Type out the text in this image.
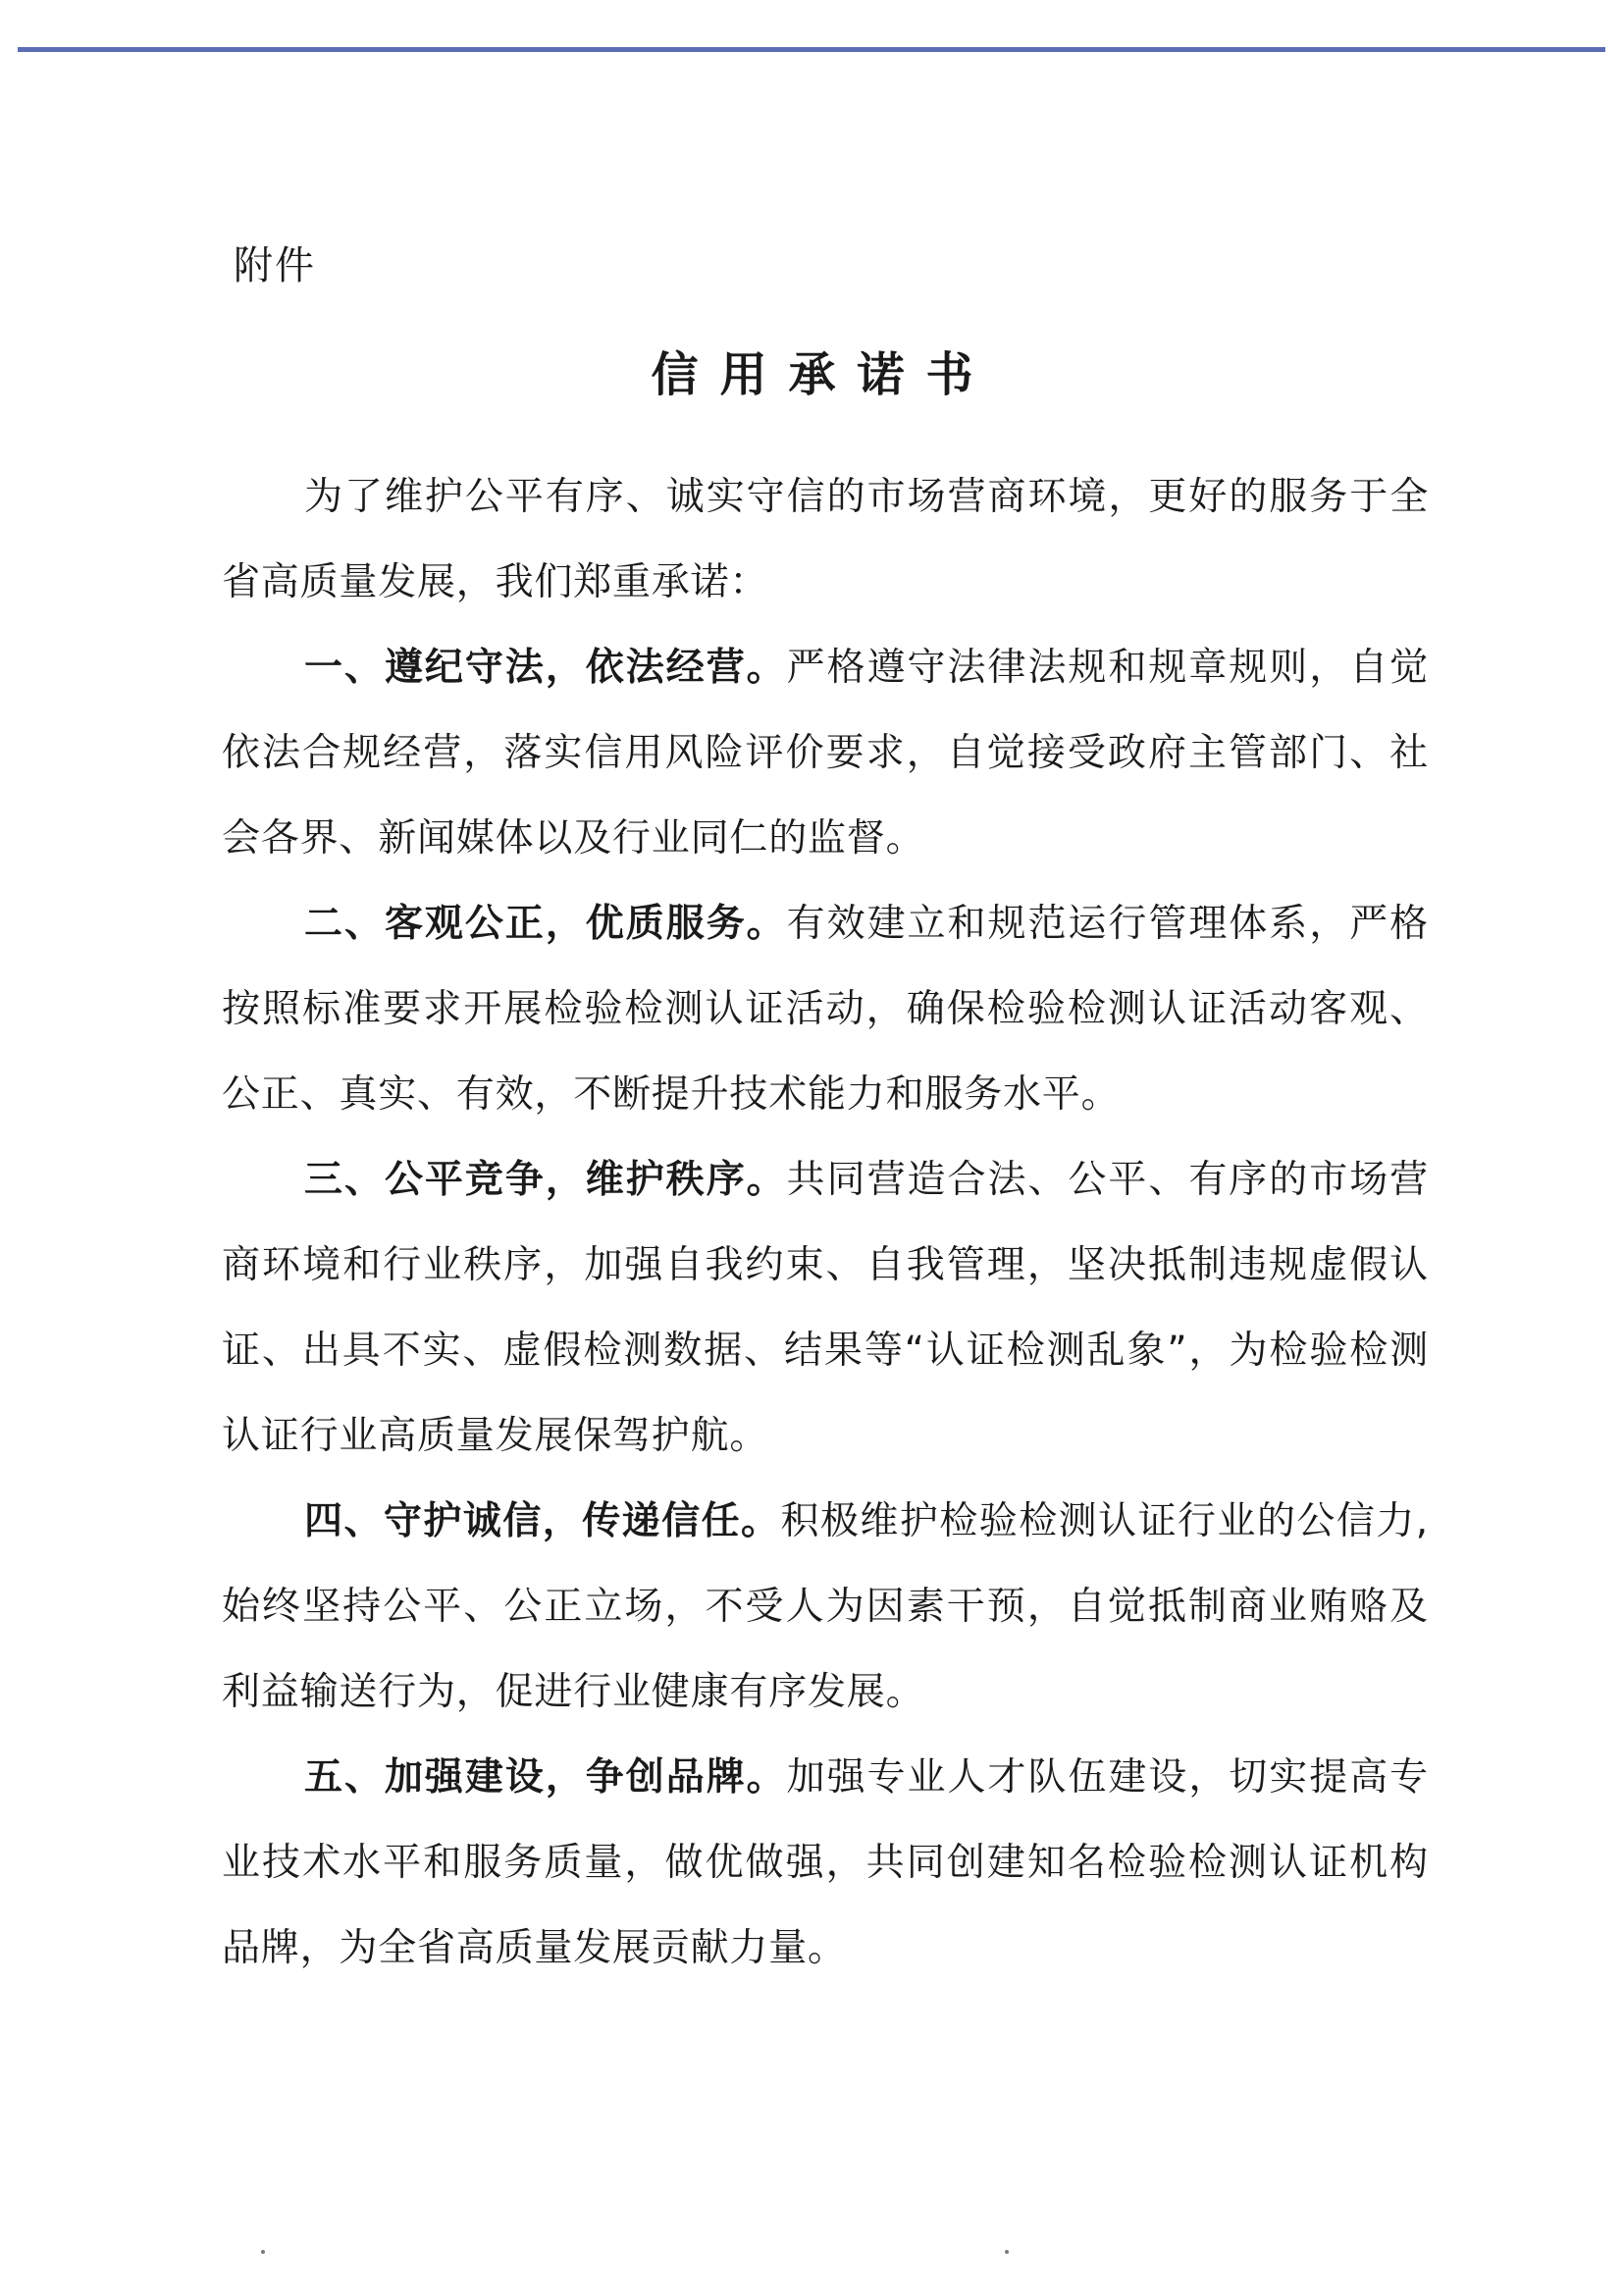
附件
信用承诺书

为了维护公平有序、诚实守信的市场营商环境，更好的服务于全省高质量发展，我们郑重承诺：

一、遵纪守法，依法经营。严格遵守法律法规和规章规则，自觉依法合规经营，落实信用风险评价要求，自觉接受政府主管部门、社会各界、新闻媒体以及行业同仁的监督。

二、客观公正，优质服务。有效建立和规范运行管理体系，严格按照标准要求开展检验检测认证活动，确保检验检测认证活动客观、公正、真实、有效，不断提升技术能力和服务水平。

三、公平竞争，维护秩序。共同营造合法、公平、有序的市场营商环境和行业秩序，加强自我约束、自我管理，坚决抵制违规虚假认证、出具不实、虚假检测数据、结果等“认证检测乱象”，为检验检测认证行业高质量发展保驾护航。

四、守护诚信，传递信任。积极维护检验检测认证行业的公信力,始终坚持公平、公正立场，不受人为因素干预，自觉抵制商业贿赂及利益输送行为，促进行业健康有序发展。

五、加强建设，争创品牌。加强专业人才队伍建设，切实提高专业技术水平和服务质量，做优做强，共同创建知名检验检测认证机构品牌，为全省高质量发展贡献力量。
